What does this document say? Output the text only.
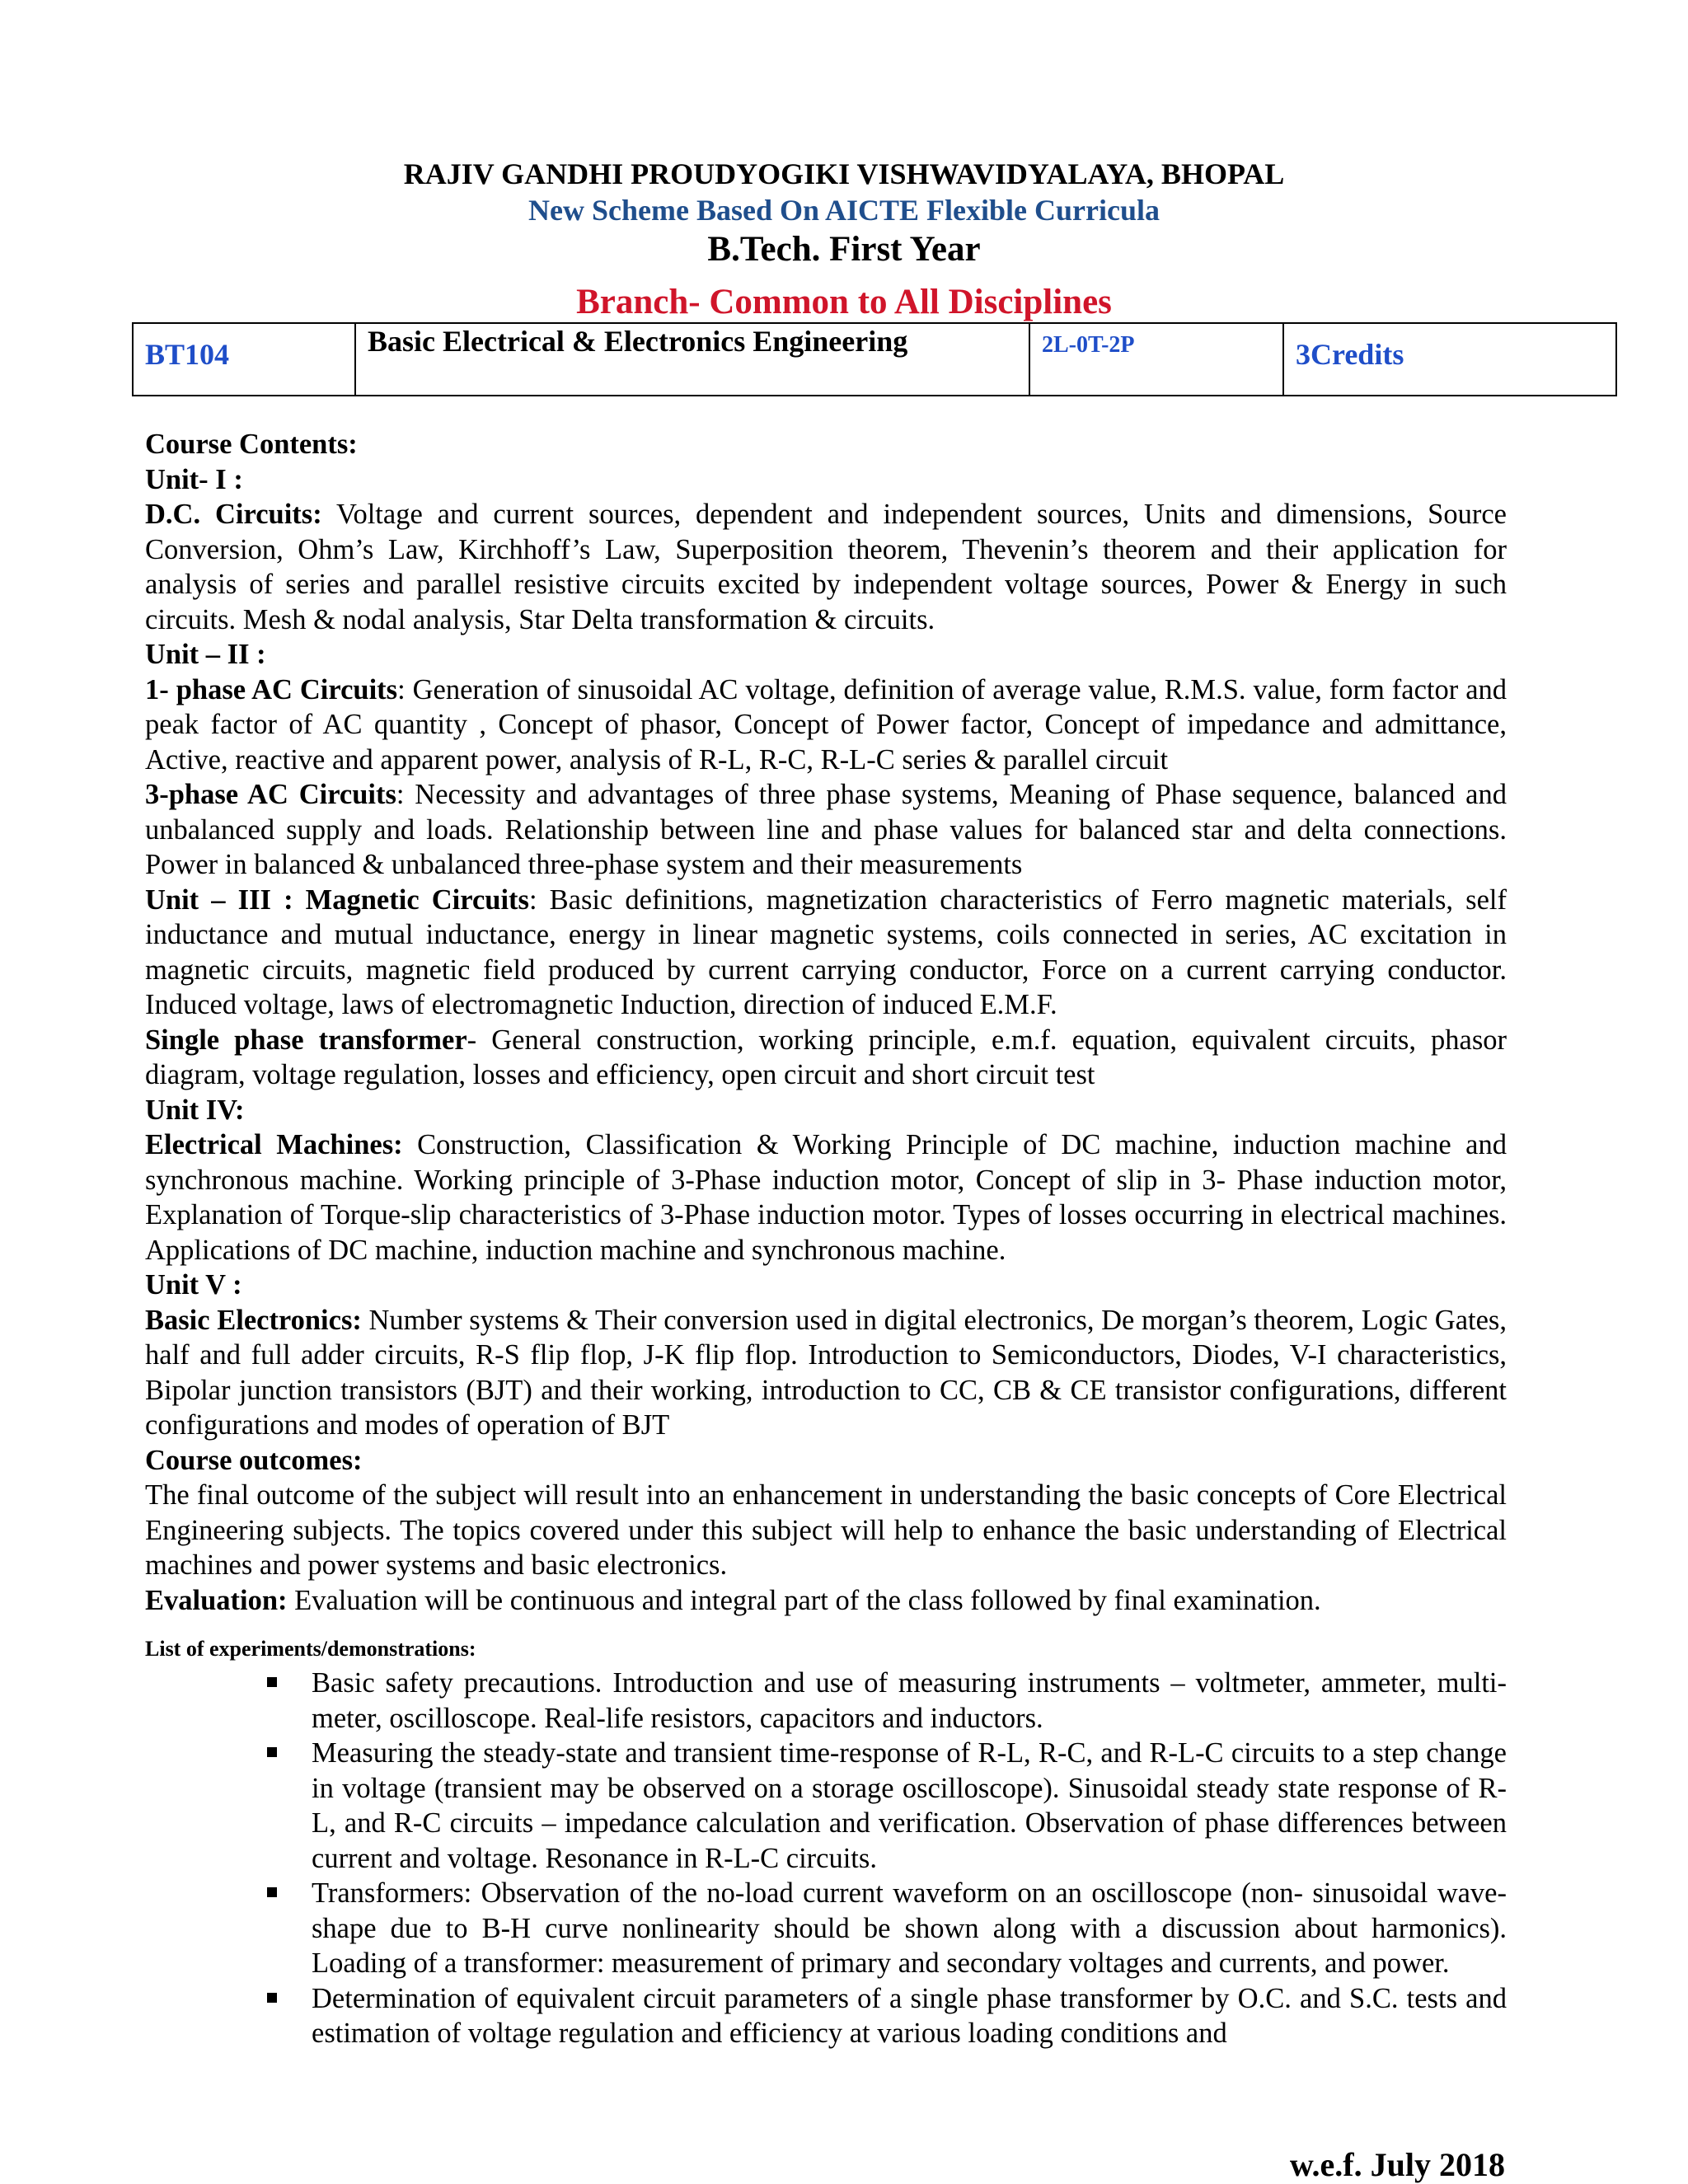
RAJIV GANDHI PROUDYOGIKI VISHWAVIDYALAYA, BHOPAL
New Scheme Based On AICTE Flexible Curricula
B.Tech. First Year
Branch- Common to All Disciplines
BT104	Basic Electrical & Electronics Engineering	2L-0T-2P	3Credits

Course Contents:

Unit- I :

D.C. Circuits: Voltage and current sources, dependent and independent sources, Units and dimensions, Source Conversion, Ohm’s Law, Kirchhoff’s Law, Superposition theorem, Thevenin’s theorem and their application for analysis of series and parallel resistive circuits excited by independent voltage sources, Power & Energy in such circuits. Mesh & nodal analysis, Star Delta transformation & circuits.

Unit – II :

1- phase AC Circuits: Generation of sinusoidal AC voltage, definition of average value, R.M.S. value, form factor and peak factor of AC quantity , Concept of phasor, Concept of Power factor, Concept of impedance and admittance, Active, reactive and apparent power, analysis of R-L, R-C, R-L-C series & parallel circuit

3-phase AC Circuits: Necessity and advantages of three phase systems, Meaning of Phase sequence, balanced and unbalanced supply and loads. Relationship between line and phase values for balanced star and delta connections. Power in balanced & unbalanced three-phase system and their measurements

Unit – III : Magnetic Circuits: Basic definitions, magnetization characteristics of Ferro magnetic materials, self inductance and mutual inductance, energy in linear magnetic systems, coils connected in series, AC excitation in magnetic circuits, magnetic field produced by current carrying conductor, Force on a current carrying conductor. Induced voltage, laws of electromagnetic Induction, direction of induced E.M.F.

Single phase transformer- General construction, working principle, e.m.f. equation, equivalent circuits, phasor diagram, voltage regulation, losses and efficiency, open circuit and short circuit test

Unit IV:

Electrical Machines: Construction, Classification & Working Principle of DC machine, induction machine and synchronous machine. Working principle of 3-Phase induction motor, Concept of slip in 3- Phase induction motor, Explanation of Torque-slip characteristics of 3-Phase induction motor. Types of losses occurring in electrical machines. Applications of DC machine, induction machine and synchronous machine.

Unit V :

Basic Electronics: Number systems & Their conversion used in digital electronics, De morgan’s theorem, Logic Gates, half and full adder circuits, R-S flip flop, J-K flip flop. Introduction to Semiconductors, Diodes, V-I characteristics, Bipolar junction transistors (BJT) and their working, introduction to CC, CB & CE transistor configurations, different configurations and modes of operation of BJT

Course outcomes:

The final outcome of the subject will result into an enhancement in understanding the basic concepts of Core Electrical Engineering subjects. The topics covered under this subject will help to enhance the basic understanding of Electrical machines and power systems and basic electronics.

Evaluation: Evaluation will be continuous and integral part of the class followed by final examination.

List of experiments/demonstrations:

Basic safety precautions. Introduction and use of measuring instruments – voltmeter, ammeter, multi-meter, oscilloscope. Real-life resistors, capacitors and inductors.
Measuring the steady-state and transient time-response of R-L, R-C, and R-L-C circuits to a step change in voltage (transient may be observed on a storage oscilloscope). Sinusoidal steady state response of R-L, and R-C circuits – impedance calculation and verification. Observation of phase differences between current and voltage. Resonance in R-L-C circuits.
Transformers: Observation of the no-load current waveform on an oscilloscope (non- sinusoidal wave-shape due to B-H curve nonlinearity should be shown along with a discussion about harmonics). Loading of a transformer: measurement of primary and secondary voltages and currents, and power.
Determination of equivalent circuit parameters of a single phase transformer by O.C. and S.C. tests and estimation of voltage regulation and efficiency at various loading conditions and
w.e.f. July 2018
